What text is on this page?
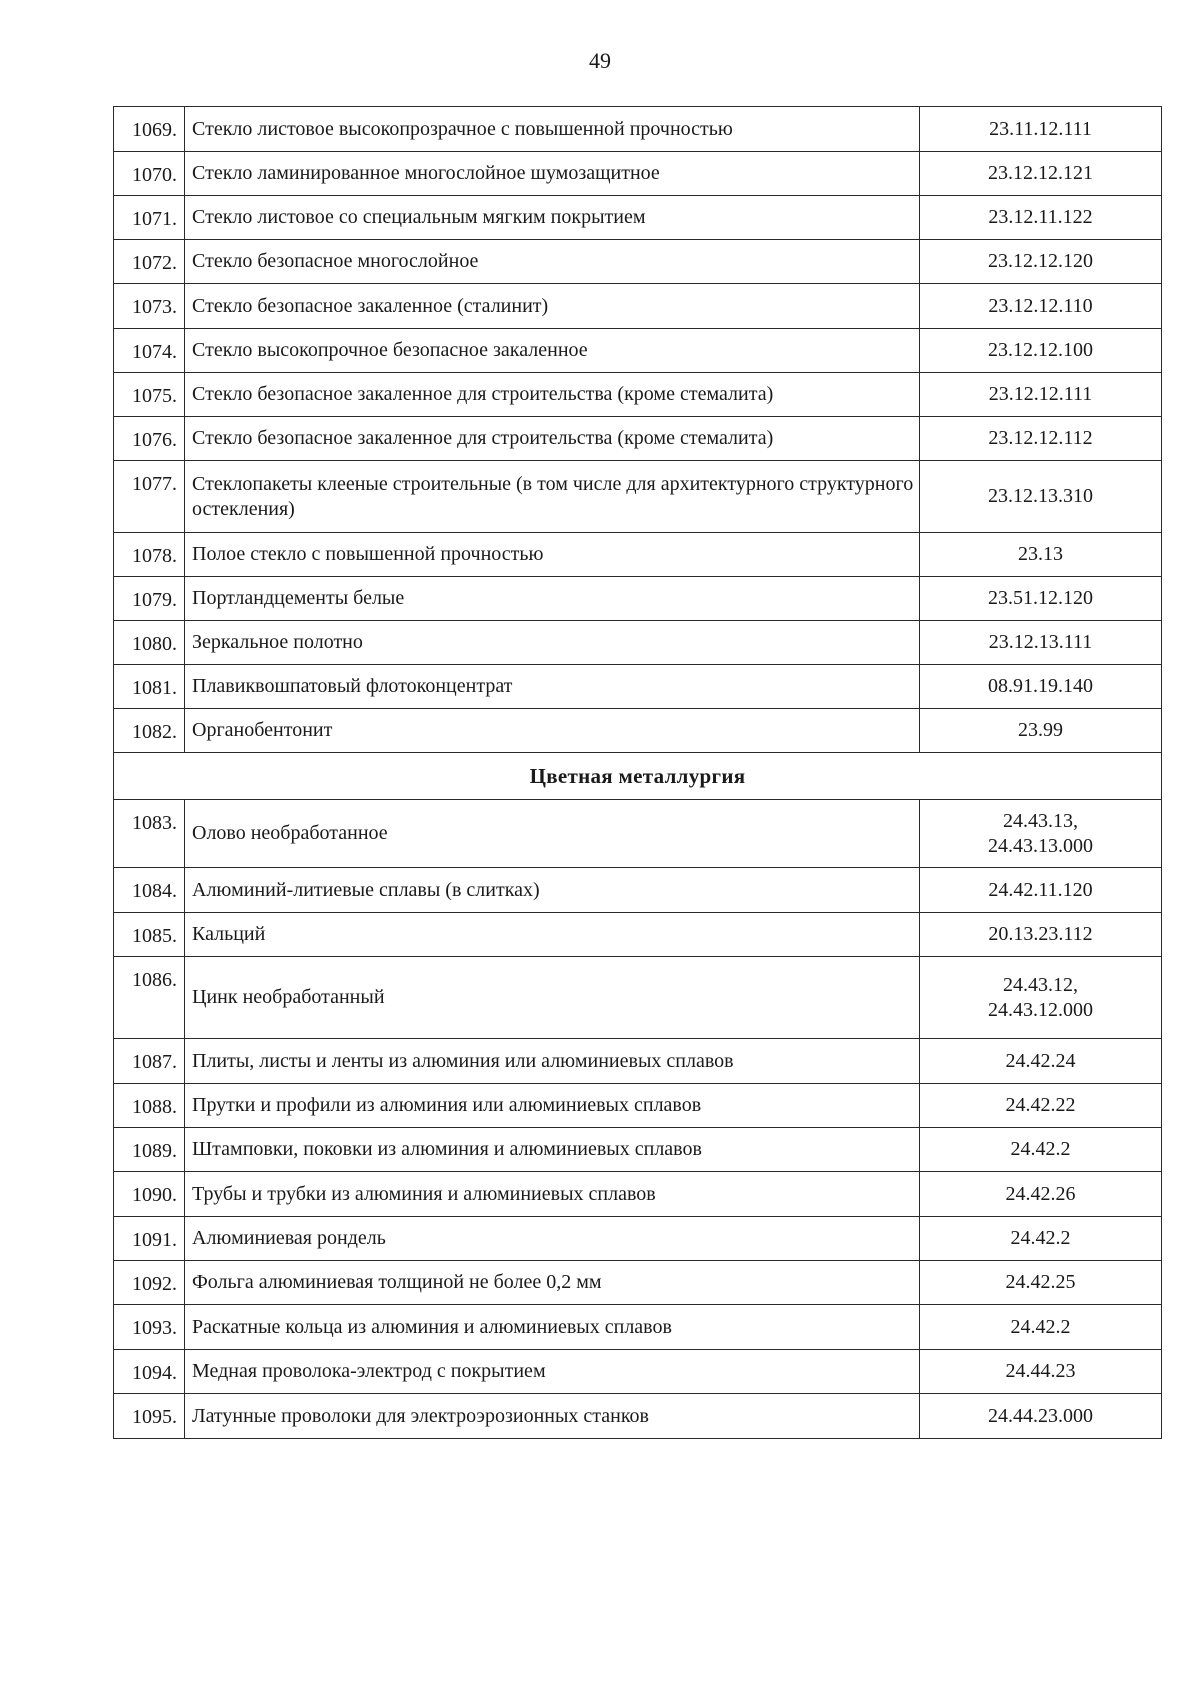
49
1069.	Стекло листовое высокопрозрачное с повышенной прочностью	23.11.12.111
1070.	Стекло ламинированное многослойное шумозащитное	23.12.12.121
1071.	Стекло листовое со специальным мягким покрытием	23.12.11.122
1072.	Стекло безопасное многослойное	23.12.12.120
1073.	Стекло безопасное закаленное (сталинит)	23.12.12.110
1074.	Стекло высокопрочное безопасное закаленное	23.12.12.100
1075.	Стекло безопасное закаленное для строительства (кроме стемалита)	23.12.12.111
1076.	Стекло безопасное закаленное для строительства (кроме стемалита)	23.12.12.112
1077.	Стеклопакеты клееные строительные (в том числе для архитектурного структурного остекления)	23.12.13.310
1078.	Полое стекло с повышенной прочностью	23.13
1079.	Портландцементы белые	23.51.12.120
1080.	Зеркальное полотно	23.12.13.111
1081.	Плавиквошпатовый флотоконцентрат	08.91.19.140
1082.	Органобентонит	23.99
Цветная металлургия		
1083.	Олово необработанное	24.43.13,
24.43.13.000

1084.	Алюминий-литиевые сплавы (в слитках)	24.42.11.120

1085.	Кальций	20.13.23.112

1086.	Цинк необработанный	24.43.12,
24.43.12.000

1087.	Плиты, листы и ленты из алюминия или алюминиевых сплавов	24.42.24

1088.	Прутки и профили из алюминия или алюминиевых сплавов	24.42.22

1089.	Штамповки, поковки из алюминия и алюминиевых сплавов	24.42.2

1090.	Трубы и трубки из алюминия и алюминиевых сплавов	24.42.26

1091.	Алюминиевая рондель	24.42.2

1092.	Фольга алюминиевая толщиной не более 0,2 мм	24.42.25

1093.	Раскатные кольца из алюминия и алюминиевых сплавов	24.42.2

1094.	Медная проволока-электрод с покрытием	24.44.23

1095.	Латунные проволоки для электроэрозионных станков	24.44.23.000
